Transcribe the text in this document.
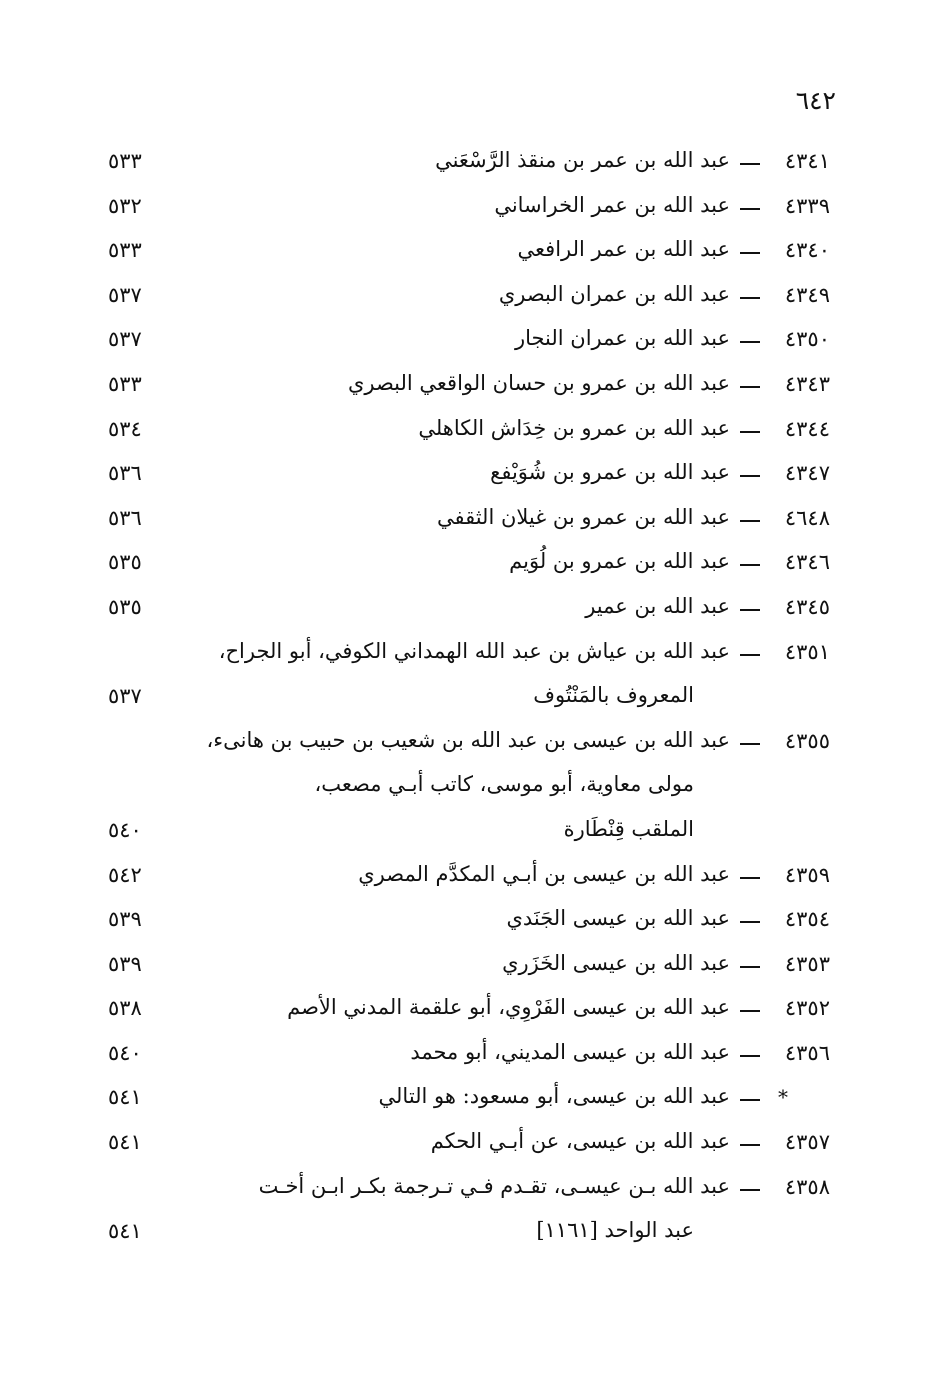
٦٤٢
٤٣٤١
عبد الله بن عمر بن منقذ الرَّسْعَني
٥٣٣
٤٣٣٩
عبد الله بن عمر الخراساني
٥٣٢
٤٣٤٠
عبد الله بن عمر الرافعي
٥٣٣
٤٣٤٩
عبد الله بن عمران البصري
٥٣٧
٤٣٥٠
عبد الله بن عمران النجار
٥٣٧
٤٣٤٣
عبد الله بن عمرو بن حسان الواقعي البصري
٥٣٣
٤٣٤٤
عبد الله بن عمرو بن خِدَاش الكاهلي
٥٣٤
٤٣٤٧
عبد الله بن عمرو بن شُوَيْفع
٥٣٦
٤٦٤٨
عبد الله بن عمرو بن غيلان الثقفي
٥٣٦
٤٣٤٦
عبد الله بن عمرو بن لُوَيم
٥٣٥
٤٣٤٥
عبد الله بن عمير
٥٣٥
٤٣٥١
عبد الله بن عياش بن عبد الله الهمداني الكوفي، أبو الجراح،
المعروف بالمَنْتُوف
٥٣٧
٤٣٥٥
عبد الله بن عيسى بن عبد الله بن شعيب بن حبيب بن هانىء،
مولى معاوية، أبو موسى، كاتب أبـي مصعب،
الملقب قِنْطَارة
٥٤٠
٤٣٥٩
عبد الله بن عيسى بن أبـي المكدَّم المصري
٥٤٢
٤٣٥٤
عبد الله بن عيسى الجَنَدي
٥٣٩
٤٣٥٣
عبد الله بن عيسى الخَزَري
٥٣٩
٤٣٥٢
عبد الله بن عيسى الفَرْوِي، أبو علقمة المدني الأصم
٥٣٨
٤٣٥٦
عبد الله بن عيسى المديني، أبو محمد
٥٤٠
*
عبد الله بن عيسى، أبو مسعود: هو التالي
٥٤١
٤٣٥٧
عبد الله بن عيسى، عن أبـي الحكم
٥٤١
٤٣٥٨
عبد الله بـن عيسـى، تقـدم فـي تـرجمة بكـر ابـن أخـت
عبد الواحد [١١٦١]
٥٤١
